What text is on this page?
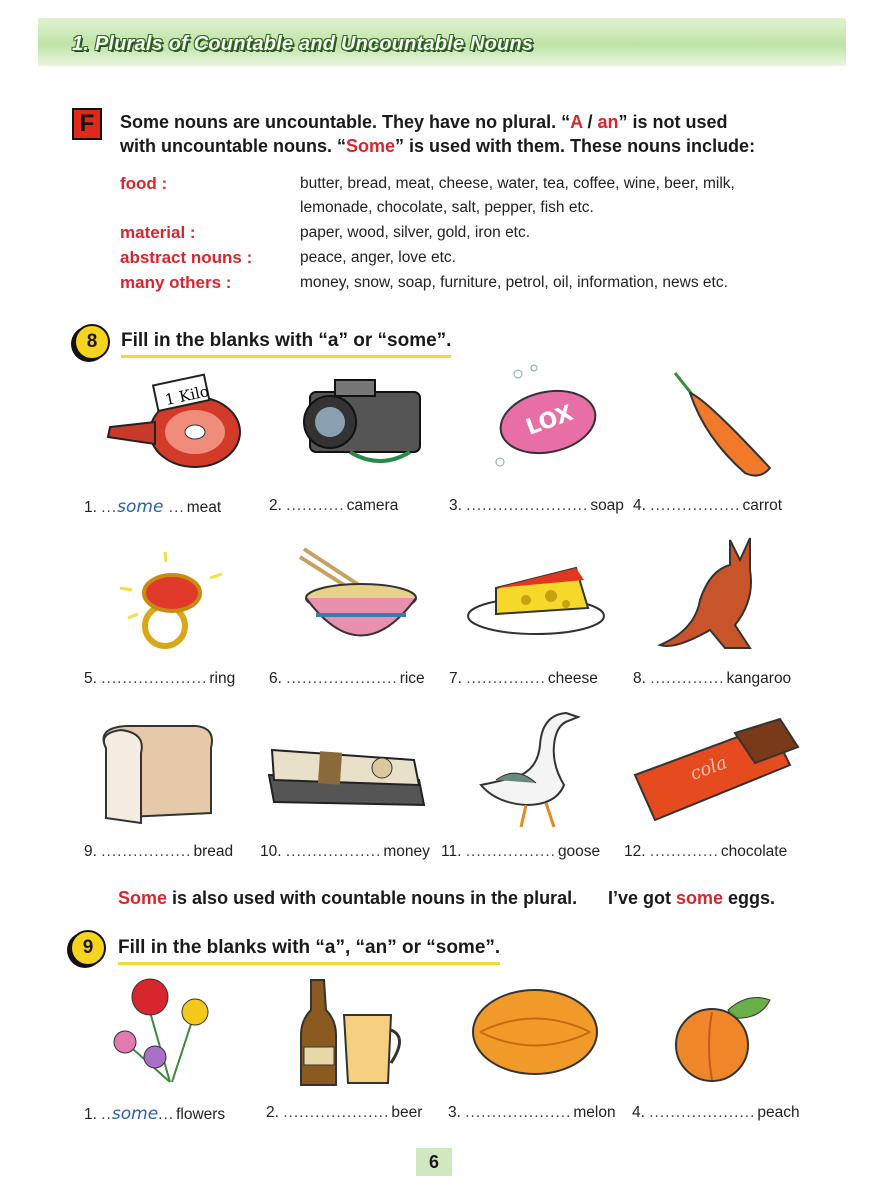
1. Plurals of Countable and Uncountable Nouns
F	Some nouns are uncountable. They have no plural. “A / an” is not used
with uncountable nouns. “Some” is used with them. These nouns include:
food :	butter, bread, meat, cheese, water, tea, coffee, wine, beer, milk,
lemonade, chocolate, salt, pepper, fish etc.
material :	paper, wood, silver, gold, iron etc.
abstract nouns :	peace, anger, love etc.
many others :	money, snow, soap, furniture, petrol, oil, information, news etc.
8	Fill in the blanks with “a” or “some”.
1 Kilo
LOX
1. ...some ... meat	2. ........... camera	3. ....................... soap 4. ................. carrot
5. .................... ring 6. ..................... rice 7. ............... cheese 8. .............. kangaroo
cola
9. ................. bread 10. .................. money 11. ................. goose 12. ............. chocolate
Some is also used with countable nouns in the plural. I’ve got some eggs.
9	Fill in the blanks with “a”, “an” or “some”.
1. ..some... flowers	2. .................... beer 3. .................... melon 4. .................... peach
6
